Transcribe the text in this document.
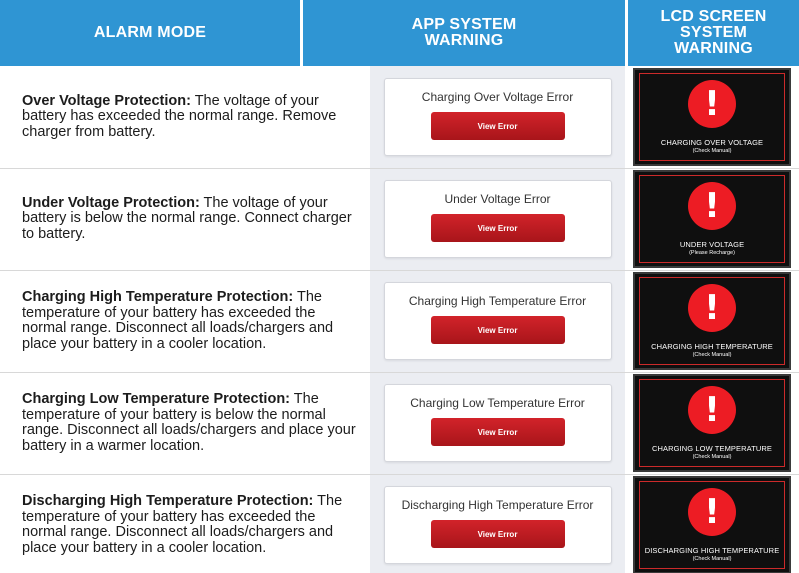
ALARM MODE	APP SYSTEM WARNING
LCD SCREEN SYSTEM WARNING

Over Voltage Protection: The voltage of your battery has exceeded the normal range. Remove charger from battery.

Charging Over Voltage Error
View Error
!
CHARGING OVER VOLTAGE
(Check Manual)

Under Voltage Protection: The voltage of your battery is below the normal range. Connect charger to battery.

Under Voltage Error
View Error
!
UNDER VOLTAGE
(Please Recharge)

Charging High Temperature Protection: The temperature of your battery has exceeded the normal range. Disconnect all loads/chargers and place your battery in a cooler location.

Charging High Temperature Error
View Error
!
CHARGING HIGH TEMPERATURE
(Check Manual)

Charging Low Temperature Protection: The temperature of your battery is below the normal range. Disconnect all loads/chargers and place your battery in a warmer location.

Charging Low Temperature Error
View Error
!
CHARGING LOW TEMPERATURE
(Check Manual)

Discharging High Temperature Protection: The temperature of your battery has exceeded the normal range. Disconnect all loads/chargers and place your battery in a cooler location.

Discharging High Temperature Error
View Error
!
DISCHARGING HIGH TEMPERATURE
(Check Manual)
